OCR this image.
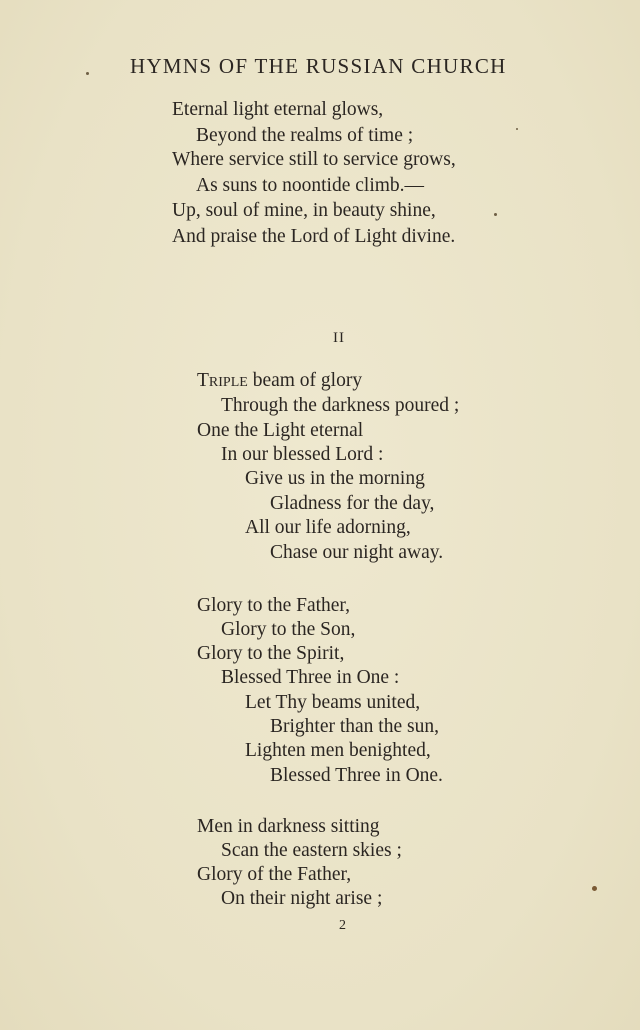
HYMNS OF THE RUSSIAN CHURCH
Eternal light eternal glows,
Beyond the realms of time ;
Where service still to service grows,
As suns to noontide climb.—
Up, soul of mine, in beauty shine,
And praise the Lord of Light divine.
II
Triple beam of glory
Through the darkness poured ;
One the Light eternal
In our blessed Lord :
Give us in the morning
Gladness for the day,
All our life adorning,
Chase our night away.
Glory to the Father,
Glory to the Son,
Glory to the Spirit,
Blessed Three in One :
Let Thy beams united,
Brighter than the sun,
Lighten men benighted,
Blessed Three in One.
Men in darkness sitting
Scan the eastern skies ;
Glory of the Father,
On their night arise ;
2
